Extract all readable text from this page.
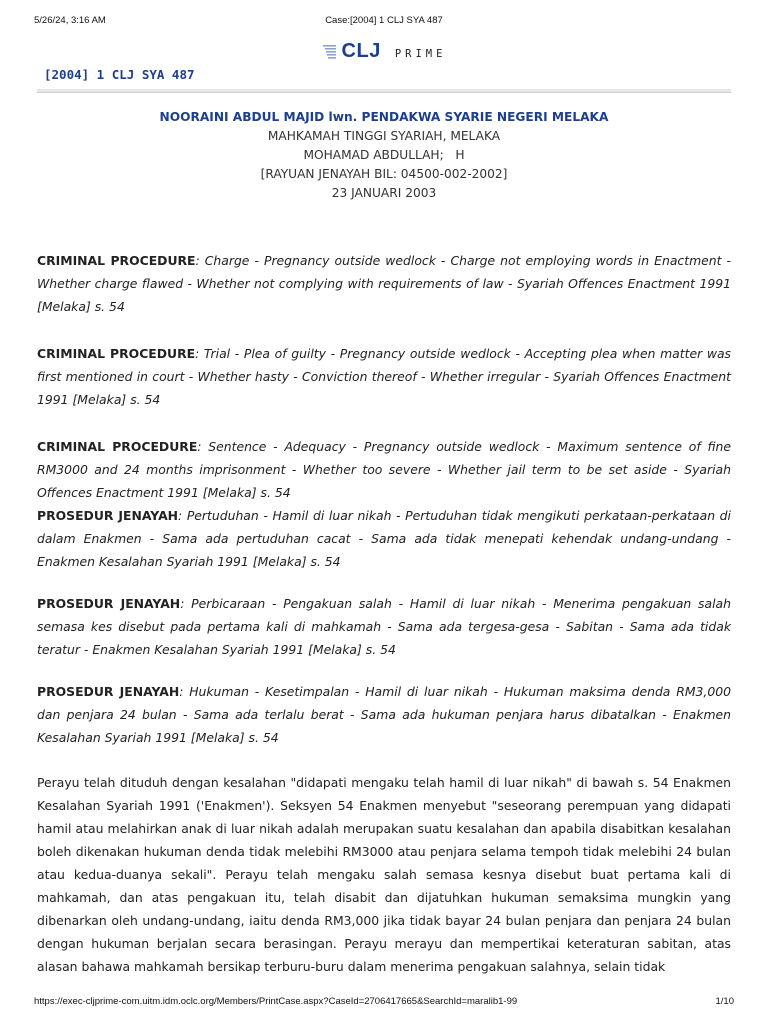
5/26/24, 3:16 AM	Case:[2004] 1 CLJ SYA 487
CLJ PRIME
[2004] 1 CLJ SYA 487
NOORAINI ABDUL MAJID lwn. PENDAKWA SYARIE NEGERI MELAKA
MAHKAMAH TINGGI SYARIAH, MELAKA
MOHAMAD ABDULLAH;   H
[RAYUAN JENAYAH BIL: 04500-002-2002]
23 JANUARI 2003

CRIMINAL PROCEDURE: Charge - Pregnancy outside wedlock - Charge not employing words in Enactment - Whether charge flawed - Whether not complying with requirements of law - Syariah Offences Enactment 1991 [Melaka] s. 54

CRIMINAL PROCEDURE: Trial - Plea of guilty - Pregnancy outside wedlock - Accepting plea when matter was first mentioned in court - Whether hasty - Conviction thereof - Whether irregular - Syariah Offences Enactment 1991 [Melaka] s. 54

CRIMINAL PROCEDURE: Sentence - Adequacy - Pregnancy outside wedlock - Maximum sentence of fine RM3000 and 24 months imprisonment - Whether too severe - Whether jail term to be set aside - Syariah Offences Enactment 1991 [Melaka] s. 54

PROSEDUR JENAYAH: Pertuduhan - Hamil di luar nikah - Pertuduhan tidak mengikuti perkataan-perkataan di dalam Enakmen - Sama ada pertuduhan cacat - Sama ada tidak menepati kehendak undang-undang - Enakmen Kesalahan Syariah 1991 [Melaka] s. 54

PROSEDUR JENAYAH: Perbicaraan - Pengakuan salah - Hamil di luar nikah - Menerima pengakuan salah semasa kes disebut pada pertama kali di mahkamah - Sama ada tergesa-gesa - Sabitan - Sama ada tidak teratur - Enakmen Kesalahan Syariah 1991 [Melaka] s. 54

PROSEDUR JENAYAH: Hukuman - Kesetimpalan - Hamil di luar nikah - Hukuman maksima denda RM3,000 dan penjara 24 bulan - Sama ada terlalu berat - Sama ada hukuman penjara harus dibatalkan - Enakmen Kesalahan Syariah 1991 [Melaka] s. 54

Perayu telah dituduh dengan kesalahan "didapati mengaku telah hamil di luar nikah" di bawah s. 54 Enakmen Kesalahan Syariah 1991 ('Enakmen'). Seksyen 54 Enakmen menyebut "seseorang perempuan yang didapati hamil atau melahirkan anak di luar nikah adalah merupakan suatu kesalahan dan apabila disabitkan kesalahan boleh dikenakan hukuman denda tidak melebihi RM3000 atau penjara selama tempoh tidak melebihi 24 bulan atau kedua-duanya sekali". Perayu telah mengaku salah semasa kesnya disebut buat pertama kali di mahkamah, dan atas pengakuan itu, telah disabit dan dijatuhkan hukuman semaksima mungkin yang dibenarkan oleh undang-undang, iaitu denda RM3,000 jika tidak bayar 24 bulan penjara dan penjara 24 bulan dengan hukuman berjalan secara berasingan. Perayu merayu dan mempertikai keteraturan sabitan, atas alasan bahawa mahkamah bersikap terburu-buru dalam menerima pengakuan salahnya, selain tidak

https://exec-cljprime-com.uitm.idm.oclc.org/Members/PrintCase.aspx?CaseId=2706417665&SearchId=maralib1-99	1/10
